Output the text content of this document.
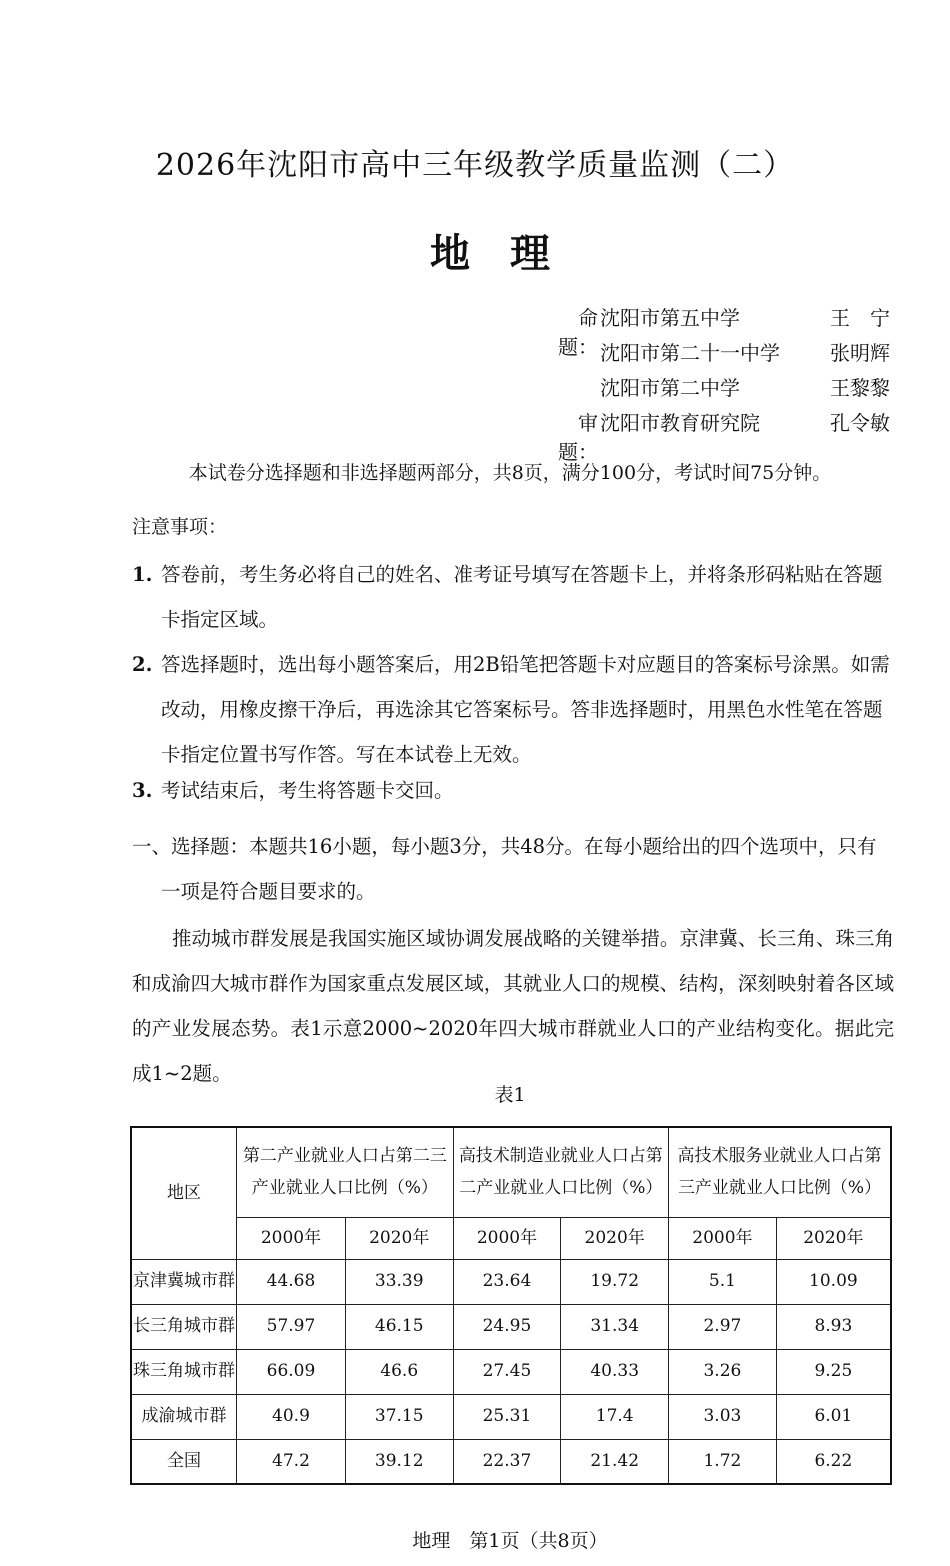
2026年沈阳市高中三年级教学质量监测（二）
地理
命题：
沈阳市第五中学	王　宁
沈阳市第二十一中学	张明辉
沈阳市第二中学	王黎黎
审题：
沈阳市教育研究院	孔令敏
本试卷分选择题和非选择题两部分，共8页，满分100分，考试时间75分钟。
注意事项：
1. 答卷前，考生务必将自己的姓名、准考证号填写在答题卡上，并将条形码粘贴在答题卡指定区域。
2. 答选择题时，选出每小题答案后，用2B铅笔把答题卡对应题目的答案标号涂黑。如需改动，用橡皮擦干净后，再选涂其它答案标号。答非选择题时，用黑色水性笔在答题卡指定位置书写作答。写在本试卷上无效。
3. 考试结束后，考生将答题卡交回。
一、选择题：本题共16小题，每小题3分，共48分。在每小题给出的四个选项中，只有
一项是符合题目要求的。
推动城市群发展是我国实施区域协调发展战略的关键举措。京津冀、长三角、珠三角和成渝四大城市群作为国家重点发展区域，其就业人口的规模、结构，深刻映射着各区域的产业发展态势。表1示意2000~2020年四大城市群就业人口的产业结构变化。据此完成1~2题。
表1
地区	第二产业就业人口占第二三产业就业人口比例（%）		高技术制造业就业人口占第二产业就业人口比例（%）		高技术服务业就业人口占第三产业就业人口比例（%）	
	2000年	2020年	2000年	2020年	2000年	2020年
京津冀城市群	44.68	33.39	23.64	19.72	5.1	10.09
长三角城市群	57.97	46.15	24.95	31.34	2.97	8.93
珠三角城市群	66.09	46.6	27.45	40.33	3.26	9.25
成渝城市群	40.9	37.15	25.31	17.4	3.03	6.01
全国	47.2	39.12	22.37	21.42	1.72	6.22
地理　第1页（共8页）
